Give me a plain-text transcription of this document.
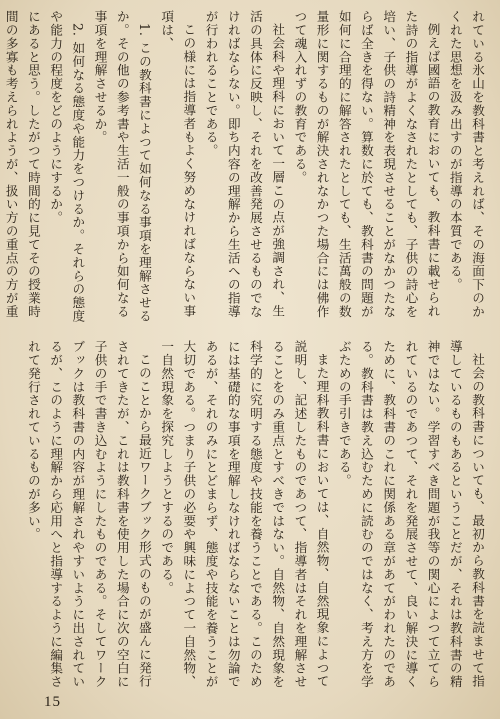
れている氷山を教科書と考えれば、その海面下のかくれた思想を汲み出すのが指導の本質である。

例えば國語の教育においても、教科書に載せられた詩の指導がよくなされたとしても、子供の詩心を培い、子供の詩精神を表現させることがなかつたならば全きを得ない。算数に於ても、教科書の問題が如何に合理的に解答されたとしても、生活萬般の数量形に関するものが解決されなかつた場合には佛作つて魂入れずの教育である。

社会科や理科において一層この点が強調され、生活の具体に反映し、それを改善発展させるものでなければならない。即ち内容の理解から生活への指導が行われることである。

この様には指導者もよく努めなければならない事項は、

1. この教科書によつて如何なる事項を理解させるか。その他の参考書や生活一般の事項から如何なる事項を理解させるか。

2. 如何なる態度や能力をつけるか。それらの態度や能力の程度をどのようにするか。

にあると思う。したがつて時間的に見てその授業時間の多寡も考えられようが、扱い方の重点の方が重

社会の教科書についても、最初から教科書を読ませて指導しているものもあるということだが、それは教科書の精神ではない。学習すべき問題が我等の関心によつて立てられているのであつて、それを発展させて、良い解決に導くために、教科書のこれに関係ある章があてがわれたのである。教科書は教え込むために読むのではなく、考え方を学ぶための手引きである。

また理科教科書においては、自然物、自然現象によつて説明し、記述したものであつて、指導者はそれを理解させることをのみ重点とすべきではない。自然物、自然現象を科学的に究明する態度や技能を養うことである。このためには基礎的な事項を理解しなければならないことは勿論であるが、それのみにとどまらず、態度や技能を養うことが大切である。つまり子供の必要や興味によつて一自然物、一自然現象を探究しようとするのである。

このことから最近ワークブック形式のものが盛んに発行されてきたが、これは教科書を使用した場合に次の空白に子供の手で書き込むようにしたものである。そしてワークブックは教科書の内容が理解されやすいように出されているが、このように理解から応用へと指導するように編集されて発行されているものが多い。

15
